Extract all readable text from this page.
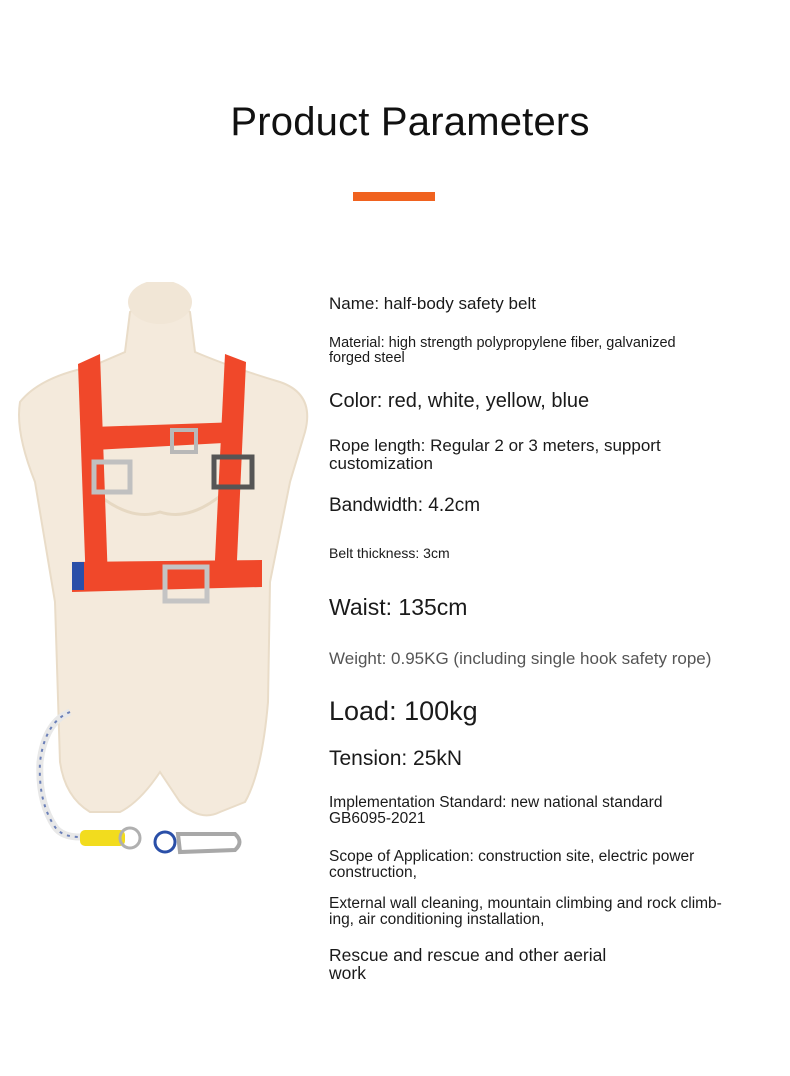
Product Parameters
Name: half-body safety belt
Material: high strength polypropylene fiber, galvanized forged steel
Color: red, white, yellow, blue
Rope length: Regular 2 or 3 meters, support customization
Bandwidth: 4.2cm
Belt thickness: 3cm
Waist: 135cm
Weight: 0.95KG (including single hook safety rope)
Load: 100kg
Tension: 25kN
Implementation Standard: new national standard GB6095-2021
Scope of Application: construction site, electric power construction,
External wall cleaning, mountain climbing and rock climb-ing, air conditioning installation,
Rescue and rescue and other aerial work
